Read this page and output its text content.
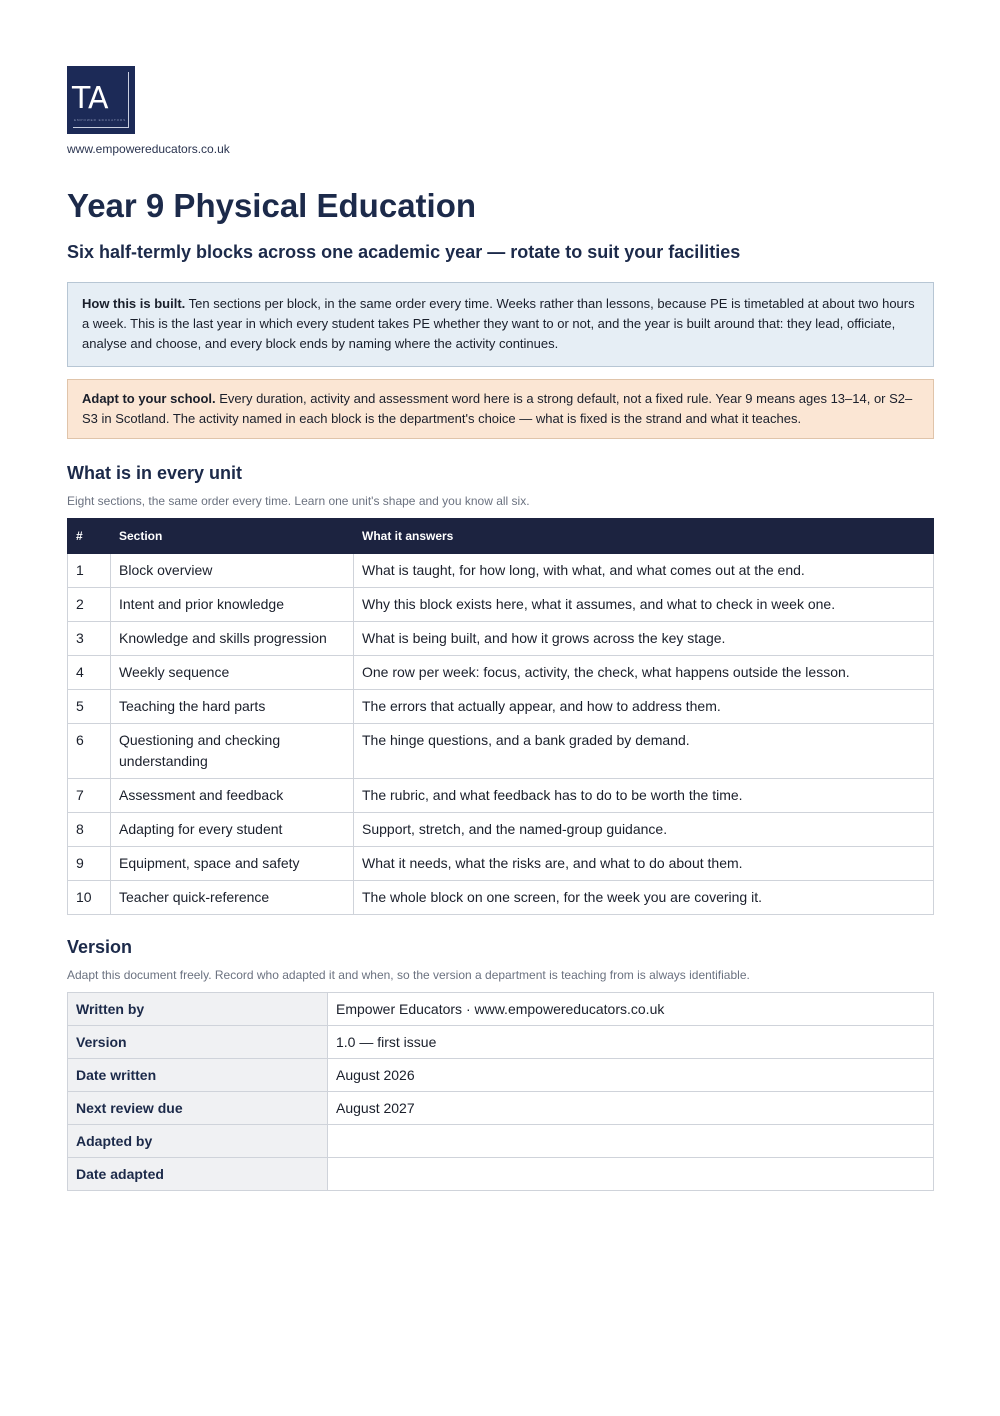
TA
EMPOWER EDUCATORS
www.empowereducators.co.uk
Year 9 Physical Education
Six half-termly blocks across one academic year — rotate to suit your facilities
How this is built. Ten sections per block, in the same order every time. Weeks rather than lessons, because PE is timetabled at about two hours a week. This is the last year in which every student takes PE whether they want to or not, and the year is built around that: they lead, officiate, analyse and choose, and every block ends by naming where the activity continues.
Adapt to your school. Every duration, activity and assessment word here is a strong default, not a fixed rule. Year 9 means ages 13–14, or S2–S3 in Scotland. The activity named in each block is the department's choice — what is fixed is the strand and what it teaches.
What is in every unit
Eight sections, the same order every time. Learn one unit's shape and you know all six.
#	Section	What it answers
1	Block overview	What is taught, for how long, with what, and what comes out at the end.
2	Intent and prior knowledge	Why this block exists here, what it assumes, and what to check in week one.
3	Knowledge and skills progression	What is being built, and how it grows across the key stage.
4	Weekly sequence	One row per week: focus, activity, the check, what happens outside the lesson.
5	Teaching the hard parts	The errors that actually appear, and how to address them.
6	Questioning and checking understanding	The hinge questions, and a bank graded by demand.
7	Assessment and feedback	The rubric, and what feedback has to do to be worth the time.
8	Adapting for every student	Support, stretch, and the named-group guidance.
9	Equipment, space and safety	What it needs, what the risks are, and what to do about them.
10	Teacher quick-reference	The whole block on one screen, for the week you are covering it.
Version
Adapt this document freely. Record who adapted it and when, so the version a department is teaching from is always identifiable.
Written by	Empower Educators · www.empowereducators.co.uk
Version	1.0 — first issue
Date written	August 2026
Next review due	August 2027
Adapted by	
Date adapted	
